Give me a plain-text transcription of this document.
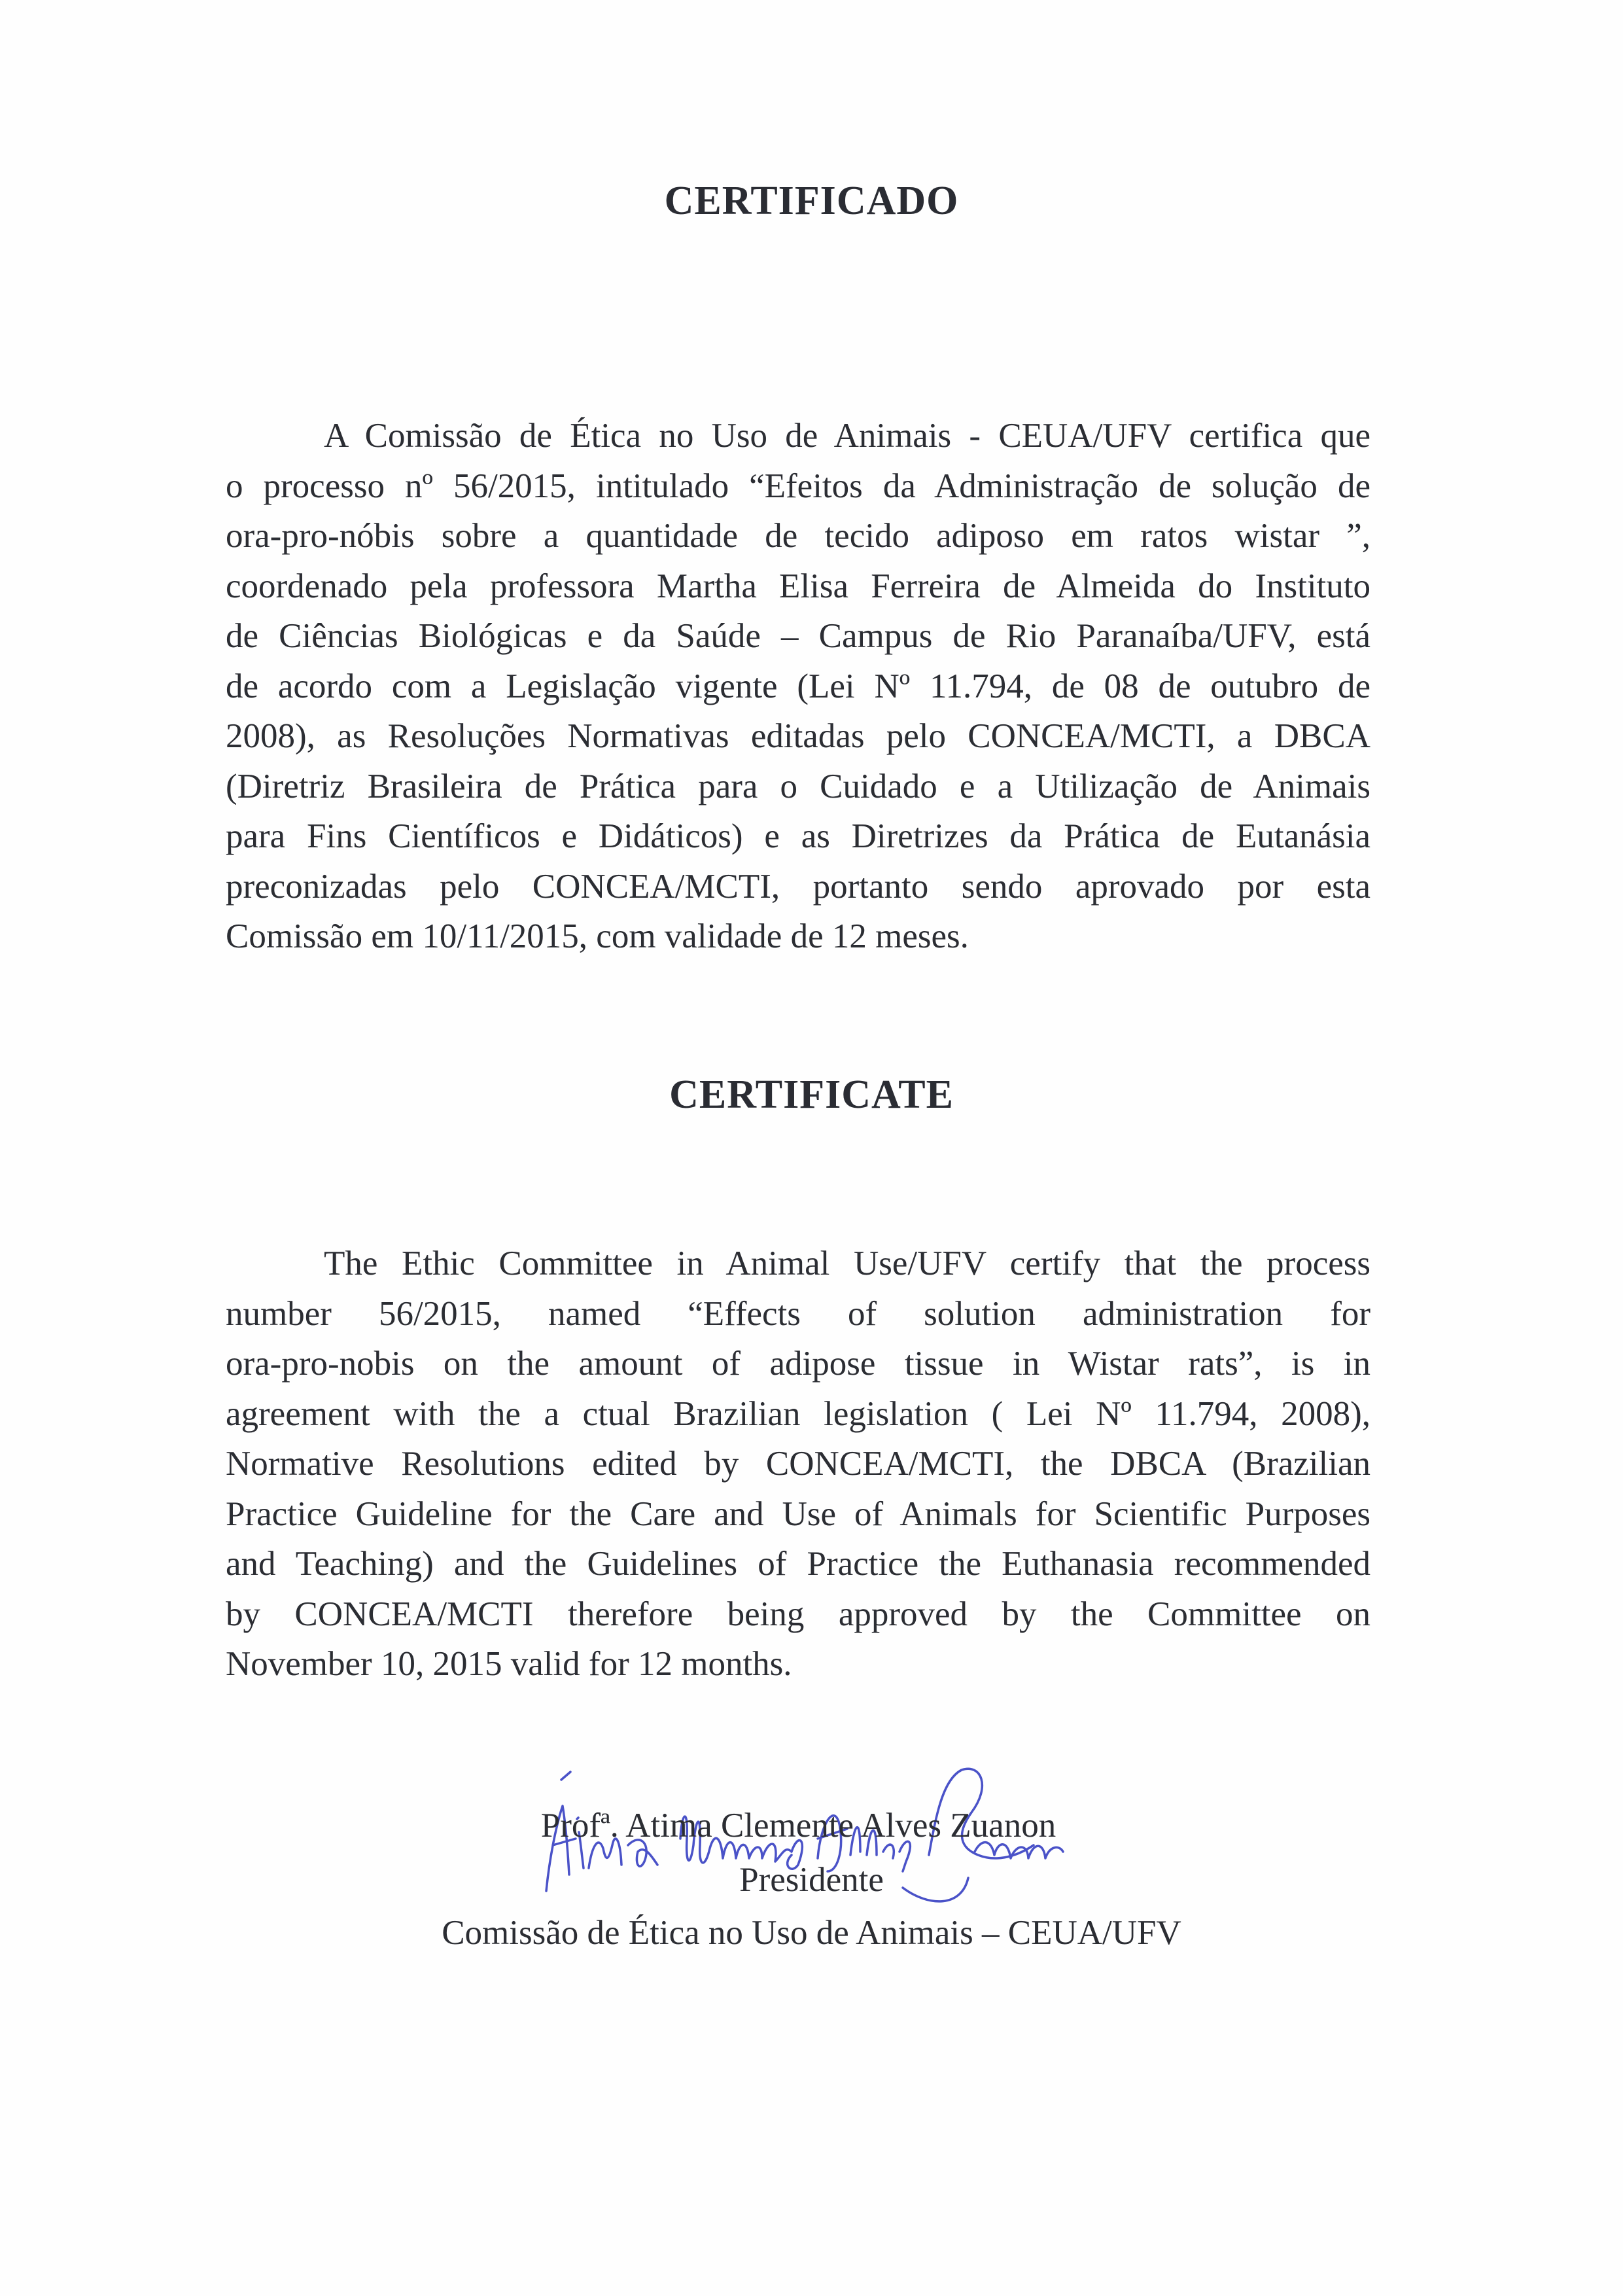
CERTIFICADO
A Comissão de Ética no Uso de Animais - CEUA/UFV certifica que
o processo nº 56/2015, intitulado “Efeitos da Administração de solução de
ora-pro-nóbis sobre a quantidade de tecido adiposo em ratos wistar ”,
coordenado pela professora Martha Elisa Ferreira de Almeida do Instituto
de Ciências Biológicas e da Saúde – Campus de Rio Paranaíba/UFV, está
de acordo com a Legislação vigente (Lei Nº 11.794, de 08 de outubro de
2008), as Resoluções Normativas editadas pelo CONCEA/MCTI, a DBCA
(Diretriz Brasileira de Prática para o Cuidado e a Utilização de Animais
para Fins Científicos e Didáticos) e as Diretrizes da Prática de Eutanásia
preconizadas pelo CONCEA/MCTI, portanto sendo aprovado por esta
Comissão em 10/11/2015, com validade de 12 meses.
CERTIFICATE
The Ethic Committee in Animal Use/UFV certify that the process
number 56/2015, named “Effects of solution administration for
ora-pro-nobis on the amount of adipose tissue in Wistar rats”, is in
agreement with the a ctual Brazilian legislation ( Lei Nº 11.794, 2008),
Normative Resolutions edited by CONCEA/MCTI, the DBCA (Brazilian
Practice Guideline for the Care and Use of Animals for Scientific Purposes
and Teaching) and the Guidelines of Practice the Euthanasia recommended
by CONCEA/MCTI therefore being approved by the Committee on
November 10, 2015 valid for 12 months.
Profª. Atima Clemente Alves Zuanon
Presidente
Comissão de Ética no Uso de Animais – CEUA/UFV
